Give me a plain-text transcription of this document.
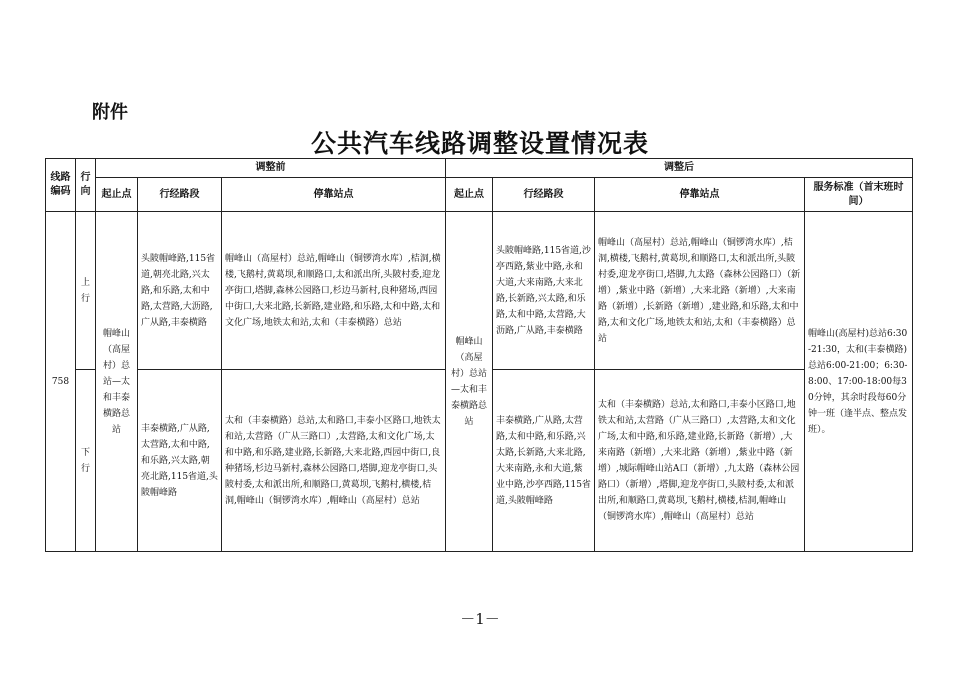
附件
公共汽车线路调整设置情况表
线路编码	行向	调整前			调整后			
		起止点	行经路段	停靠站点	起止点	行经路段	停靠站点	服务标准（首末班时间）
758	上行	帽峰山（高屋村）总站—太和丰泰横路总站	头陂帽峰路,115省道,朝亮北路,兴太路,和乐路,太和中路,太营路,大沥路,广从路,丰泰横路	帽峰山（高屋村）总站,帽峰山（铜锣湾水库）,桔洞,横楼,飞鹅村,黄葛坝,和顺路口,太和派出所,头陂村委,迎龙亭街口,塔脚,森林公园路口,杉边马新村,良种猪场,西园中街口,大来北路,长新路,建业路,和乐路,太和中路,太和文化广场,地铁太和站,太和（丰泰横路）总站	帽峰山（高屋村）总站—太和丰泰横路总站	头陂帽峰路,115省道,沙亭西路,紫业中路,永和大道,大来南路,大来北路,长新路,兴太路,和乐路,太和中路,太营路,大沥路,广从路,丰泰横路	帽峰山（高屋村）总站,帽峰山（铜锣湾水库）,桔洞,横楼,飞鹅村,黄葛坝,和顺路口,太和派出所,头陂村委,迎龙亭街口,塔脚,九太路（森林公园路口）（新增）,紫业中路（新增）,大来北路（新增）,大来南路（新增）,长新路（新增）,建业路,和乐路,太和中路,太和文化广场,地铁太和站,太和（丰泰横路）总站	帽峰山(高屋村)总站6:30-21:30，太和(丰泰横路)总站6:00-21:00；6:30-8:00、17:00-18:00每30分钟，其余时段每60分钟一班（逢半点、整点发班）。
	下行		丰泰横路,广从路,太营路,太和中路,和乐路,兴太路,朝亮北路,115省道,头陂帽峰路	太和（丰泰横路）总站,太和路口,丰泰小区路口,地铁太和站,太营路（广从三路口）,太营路,太和文化广场,太和中路,和乐路,建业路,长新路,大来北路,西园中街口,良种猪场,杉边马新村,森林公园路口,塔脚,迎龙亭街口,头陂村委,太和派出所,和顺路口,黄葛坝,飞鹅村,横楼,桔洞,帽峰山（铜锣湾水库）,帽峰山（高屋村）总站		丰泰横路,广从路,太营路,太和中路,和乐路,兴太路,长新路,大来北路,大来南路,永和大道,紫业中路,沙亭西路,115省道,头陂帽峰路	太和（丰泰横路）总站,太和路口,丰泰小区路口,地铁太和站,太营路（广从三路口）,太营路,太和文化广场,太和中路,和乐路,建业路,长新路（新增）,大来南路（新增）,大来北路（新增）,紫业中路（新增）,城际帽峰山站A口（新增）,九太路（森林公园路口）（新增）,塔脚,迎龙亭街口,头陂村委,太和派出所,和顺路口,黄葛坝,飞鹅村,横楼,桔洞,帽峰山（铜锣湾水库）,帽峰山（高屋村）总站	
－1－
